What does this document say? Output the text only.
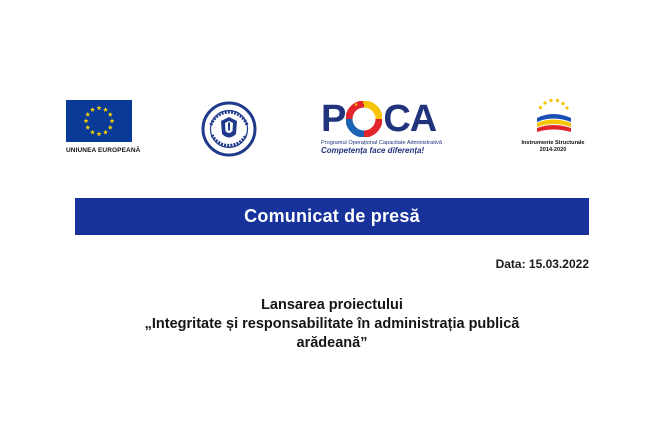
UNIUNEA EUROPEANĂ
P CA
Programul Operațional Capacitate Administrativă
Competența face diferența!
Instrumente Structurale
2014-2020
Comunicat de presă
Data: 15.03.2022
Lansarea proiectului
„Integritate și responsabilitate în administrația publică
arădeană”
